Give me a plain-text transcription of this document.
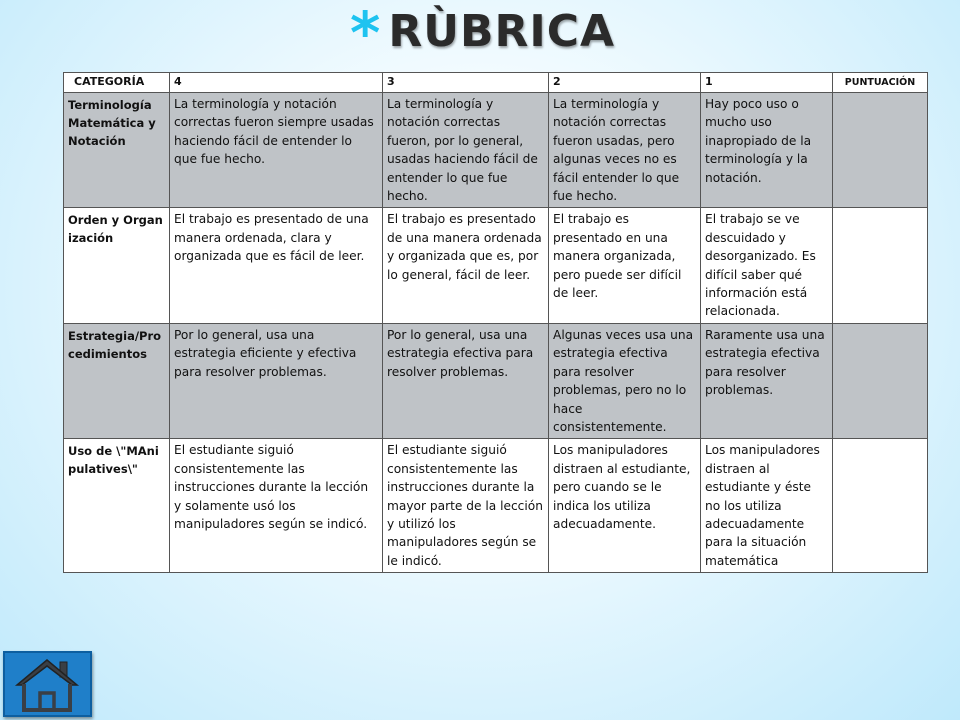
* RÙBRICA
CATEGORÍA	4	3	2	1	PUNTUACIÓN
Terminología Matemática y Notación	La terminología y notación correctas fueron siempre usadas haciendo fácil de entender lo que fue hecho.	La terminología y notación correctas fueron, por lo general, usadas haciendo fácil de entender lo que fue hecho.	La terminología y notación correctas fueron usadas, pero algunas veces no es fácil entender lo que fue hecho.	Hay poco uso o mucho uso inapropiado de la terminología y la notación.	
Orden y Organización	El trabajo es presentado de una manera ordenada, clara y organizada que es fácil de leer.	El trabajo es presentado de una manera ordenada y organizada que es, por lo general, fácil de leer.	El trabajo es presentado en una manera organizada, pero puede ser difícil de leer.	El trabajo se ve descuidado y desorganizado. Es difícil saber qué información está relacionada.	
Estrategia/Procedimientos	Por lo general, usa una estrategia eficiente y efectiva para resolver problemas.	Por lo general, usa una estrategia efectiva para resolver problemas.	Algunas veces usa una estrategia efectiva para resolver problemas, pero no lo hace consistentemente.	Raramente usa una estrategia efectiva para resolver problemas.	
Uso de \"MAnipulatives\"	El estudiante siguió consistentemente las instrucciones durante la lección y solamente usó los manipuladores según se indicó.	El estudiante siguió consistentemente las instrucciones durante la mayor parte de la lección y utilizó los manipuladores según se le indicó.	Los manipuladores distraen al estudiante, pero cuando se le indica los utiliza adecuadamente.	Los manipuladores distraen al estudiante y éste no los utiliza adecuadamente para la situación matemática	
